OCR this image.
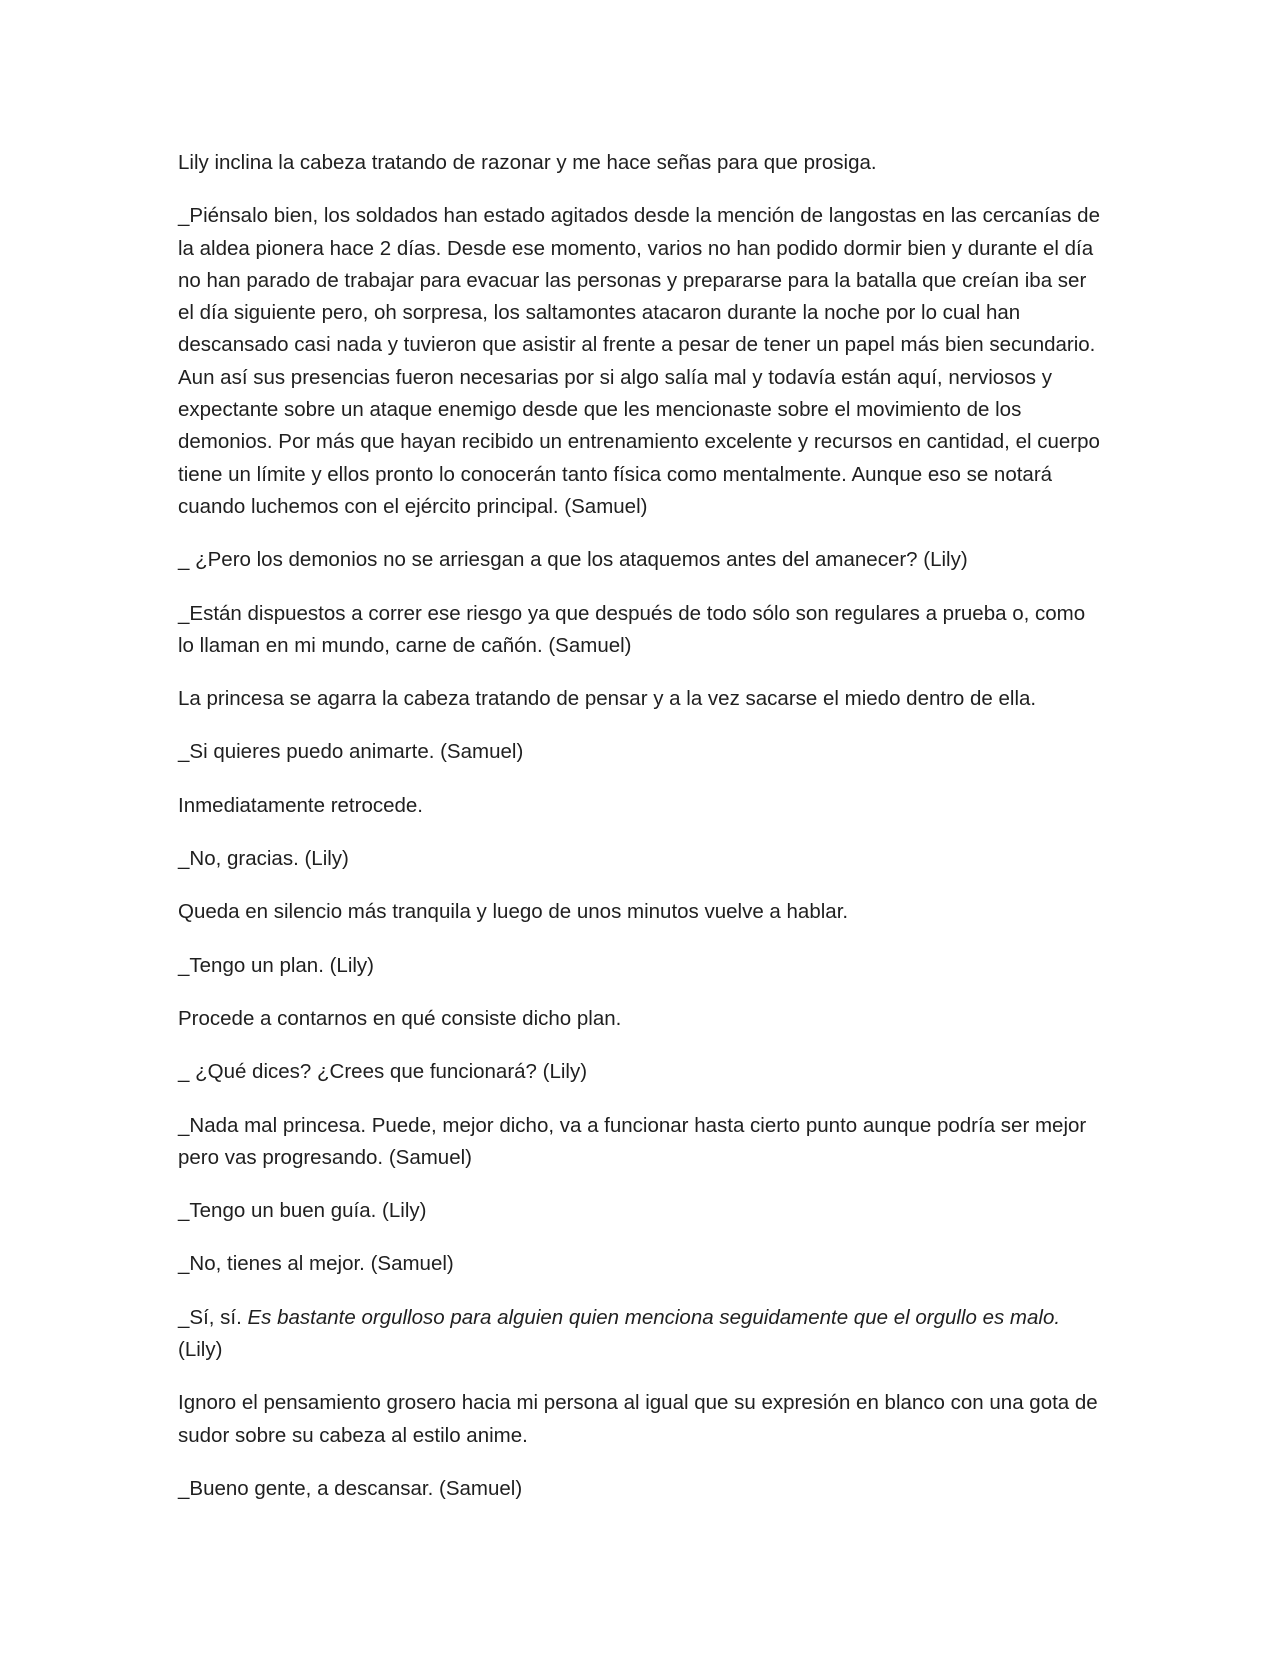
Lily inclina la cabeza tratando de razonar y me hace señas para que prosiga.

_Piénsalo bien, los soldados han estado agitados desde la mención de langostas en las cercanías de la aldea pionera hace 2 días. Desde ese momento, varios no han podido dormir bien y durante el día no han parado de trabajar para evacuar las personas y prepararse para la batalla que creían iba ser el día siguiente pero, oh sorpresa, los saltamontes atacaron durante la noche por lo cual han descansado casi nada y tuvieron que asistir al frente a pesar de tener un papel más bien secundario. Aun así sus presencias fueron necesarias por si algo salía mal y todavía están aquí, nerviosos y expectante sobre un ataque enemigo desde que les mencionaste sobre el movimiento de los demonios. Por más que hayan recibido un entrenamiento excelente y recursos en cantidad, el cuerpo tiene un límite y ellos pronto lo conocerán tanto física como mentalmente. Aunque eso se notará cuando luchemos con el ejército principal. (Samuel)

_ ¿Pero los demonios no se arriesgan a que los ataquemos antes del amanecer? (Lily)

_Están dispuestos a correr ese riesgo ya que después de todo sólo son regulares a prueba o, como lo llaman en mi mundo, carne de cañón. (Samuel)

La princesa se agarra la cabeza tratando de pensar y a la vez sacarse el miedo dentro de ella.

_Si quieres puedo animarte. (Samuel)

Inmediatamente retrocede.

_No, gracias. (Lily)

Queda en silencio más tranquila y luego de unos minutos vuelve a hablar.

_Tengo un plan. (Lily)

Procede a contarnos en qué consiste dicho plan.

_ ¿Qué dices? ¿Crees que funcionará? (Lily)

_Nada mal princesa. Puede, mejor dicho, va a funcionar hasta cierto punto aunque podría ser mejor pero vas progresando. (Samuel)

_Tengo un buen guía. (Lily)

_No, tienes al mejor. (Samuel)

_Sí, sí. Es bastante orgulloso para alguien quien menciona seguidamente que el orgullo es malo. (Lily)

Ignoro el pensamiento grosero hacia mi persona al igual que su expresión en blanco con una gota de sudor sobre su cabeza al estilo anime.

_Bueno gente, a descansar. (Samuel)
